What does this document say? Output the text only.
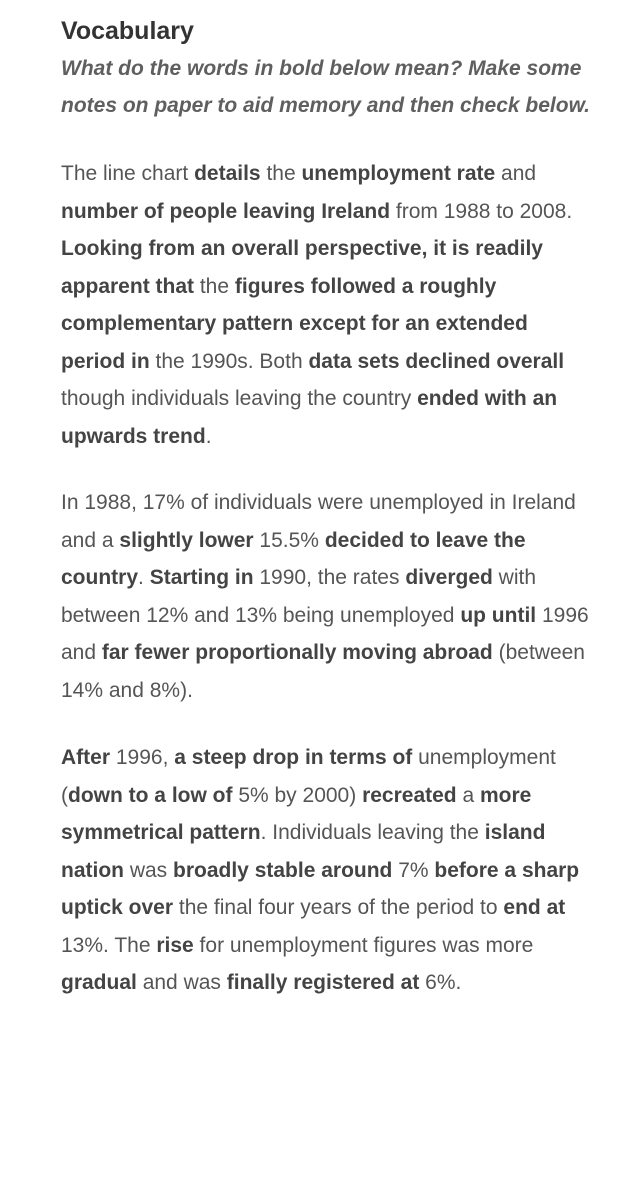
Vocabulary

What do the words in bold below mean? Make some notes on paper to aid memory and then check below.

The line chart details the unemployment rate and number of people leaving Ireland from 1988 to 2008. Looking from an overall perspective, it is readily apparent that the figures followed a roughly complementary pattern except for an extended period in the 1990s. Both data sets declined overall though individuals leaving the country ended with an upwards trend.

In 1988, 17% of individuals were unemployed in Ireland and a slightly lower 15.5% decided to leave the country. Starting in 1990, the rates diverged with between 12% and 13% being unemployed up until 1996 and far fewer proportionally moving abroad (between 14% and 8%).

After 1996, a steep drop in terms of unemployment (down to a low of 5% by 2000) recreated a more symmetrical pattern. Individuals leaving the island nation was broadly stable around 7% before a sharp uptick over the final four years of the period to end at 13%. The rise for unemployment figures was more gradual and was finally registered at 6%.
